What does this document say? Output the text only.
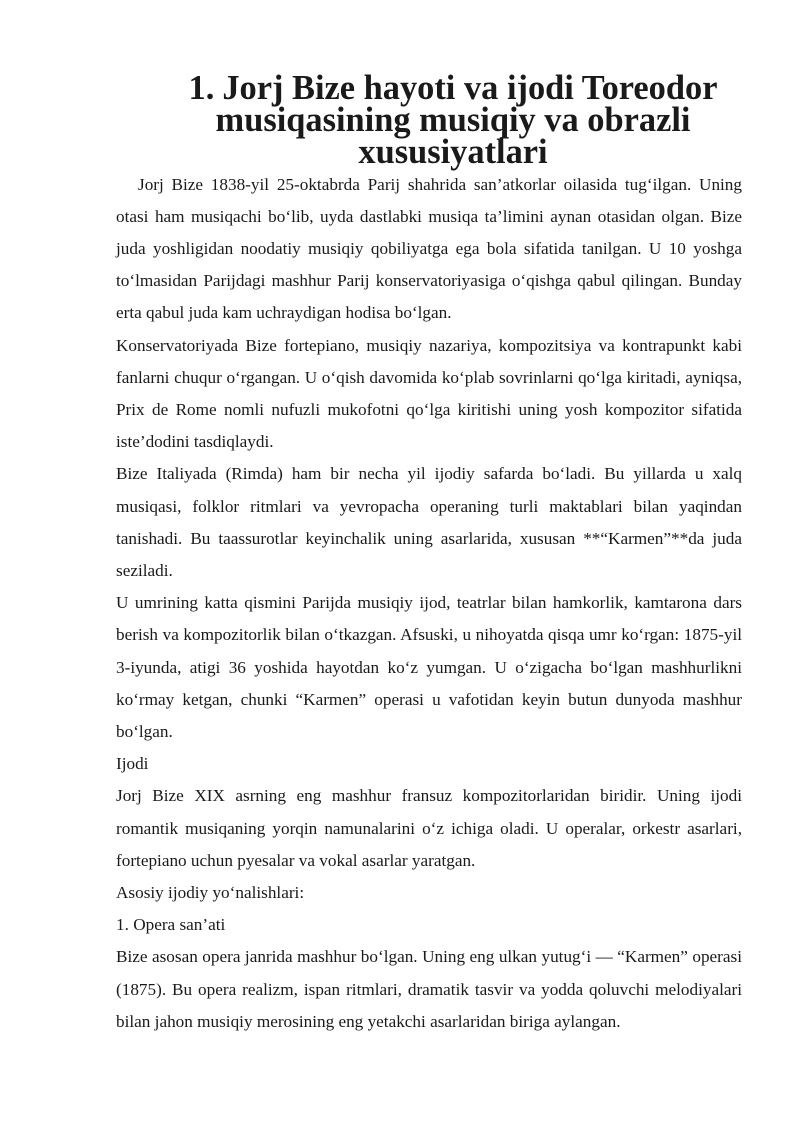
1. Jorj Bize hayoti va ijodi Toreodor musiqasining musiqiy va obrazli xususiyatlari

Jorj Bize 1838-yil 25-oktabrda Parij shahrida san’atkorlar oilasida tug‘ilgan. Uning otasi ham musiqachi bo‘lib, uyda dastlabki musiqa ta’limini aynan otasidan olgan. Bize juda yoshligidan noodatiy musiqiy qobiliyatga ega bola sifatida tanilgan. U 10 yoshga to‘lmasidan Parijdagi mashhur Parij konservatoriyasiga o‘qishga qabul qilingan. Bunday erta qabul juda kam uchraydigan hodisa bo‘lgan.

Konservatoriyada Bize fortepiano, musiqiy nazariya, kompozitsiya va kontrapunkt kabi fanlarni chuqur o‘rgangan. U o‘qish davomida ko‘plab sovrinlarni qo‘lga kiritadi, ayniqsa, Prix de Rome nomli nufuzli mukofotni qo‘lga kiritishi uning yosh kompozitor sifatida iste’dodini tasdiqlaydi.

Bize Italiyada (Rimda) ham bir necha yil ijodiy safarda bo‘ladi. Bu yillarda u xalq musiqasi, folklor ritmlari va yevropacha operaning turli maktablari bilan yaqindan tanishadi. Bu taassurotlar keyinchalik uning asarlarida, xususan **“Karmen”**da juda seziladi.

U umrining katta qismini Parijda musiqiy ijod, teatrlar bilan hamkorlik, kamtarona dars berish va kompozitorlik bilan o‘tkazgan. Afsuski, u nihoyatda qisqa umr ko‘rgan: 1875-yil 3-iyunda, atigi 36 yoshida hayotdan ko‘z yumgan. U o‘zigacha bo‘lgan mashhurlikni ko‘rmay ketgan, chunki “Karmen” operasi u vafotidan keyin butun dunyoda mashhur bo‘lgan.

Ijodi

Jorj Bize XIX asrning eng mashhur fransuz kompozitorlaridan biridir. Uning ijodi romantik musiqaning yorqin namunalarini o‘z ichiga oladi. U operalar, orkestr asarlari, fortepiano uchun pyesalar va vokal asarlar yaratgan.

Asosiy ijodiy yo‘nalishlari:

1. Opera san’ati

Bize asosan opera janrida mashhur bo‘lgan. Uning eng ulkan yutug‘i — “Karmen” operasi (1875). Bu opera realizm, ispan ritmlari, dramatik tasvir va yodda qoluvchi melodiyalari bilan jahon musiqiy merosining eng yetakchi asarlaridan biriga aylangan.
